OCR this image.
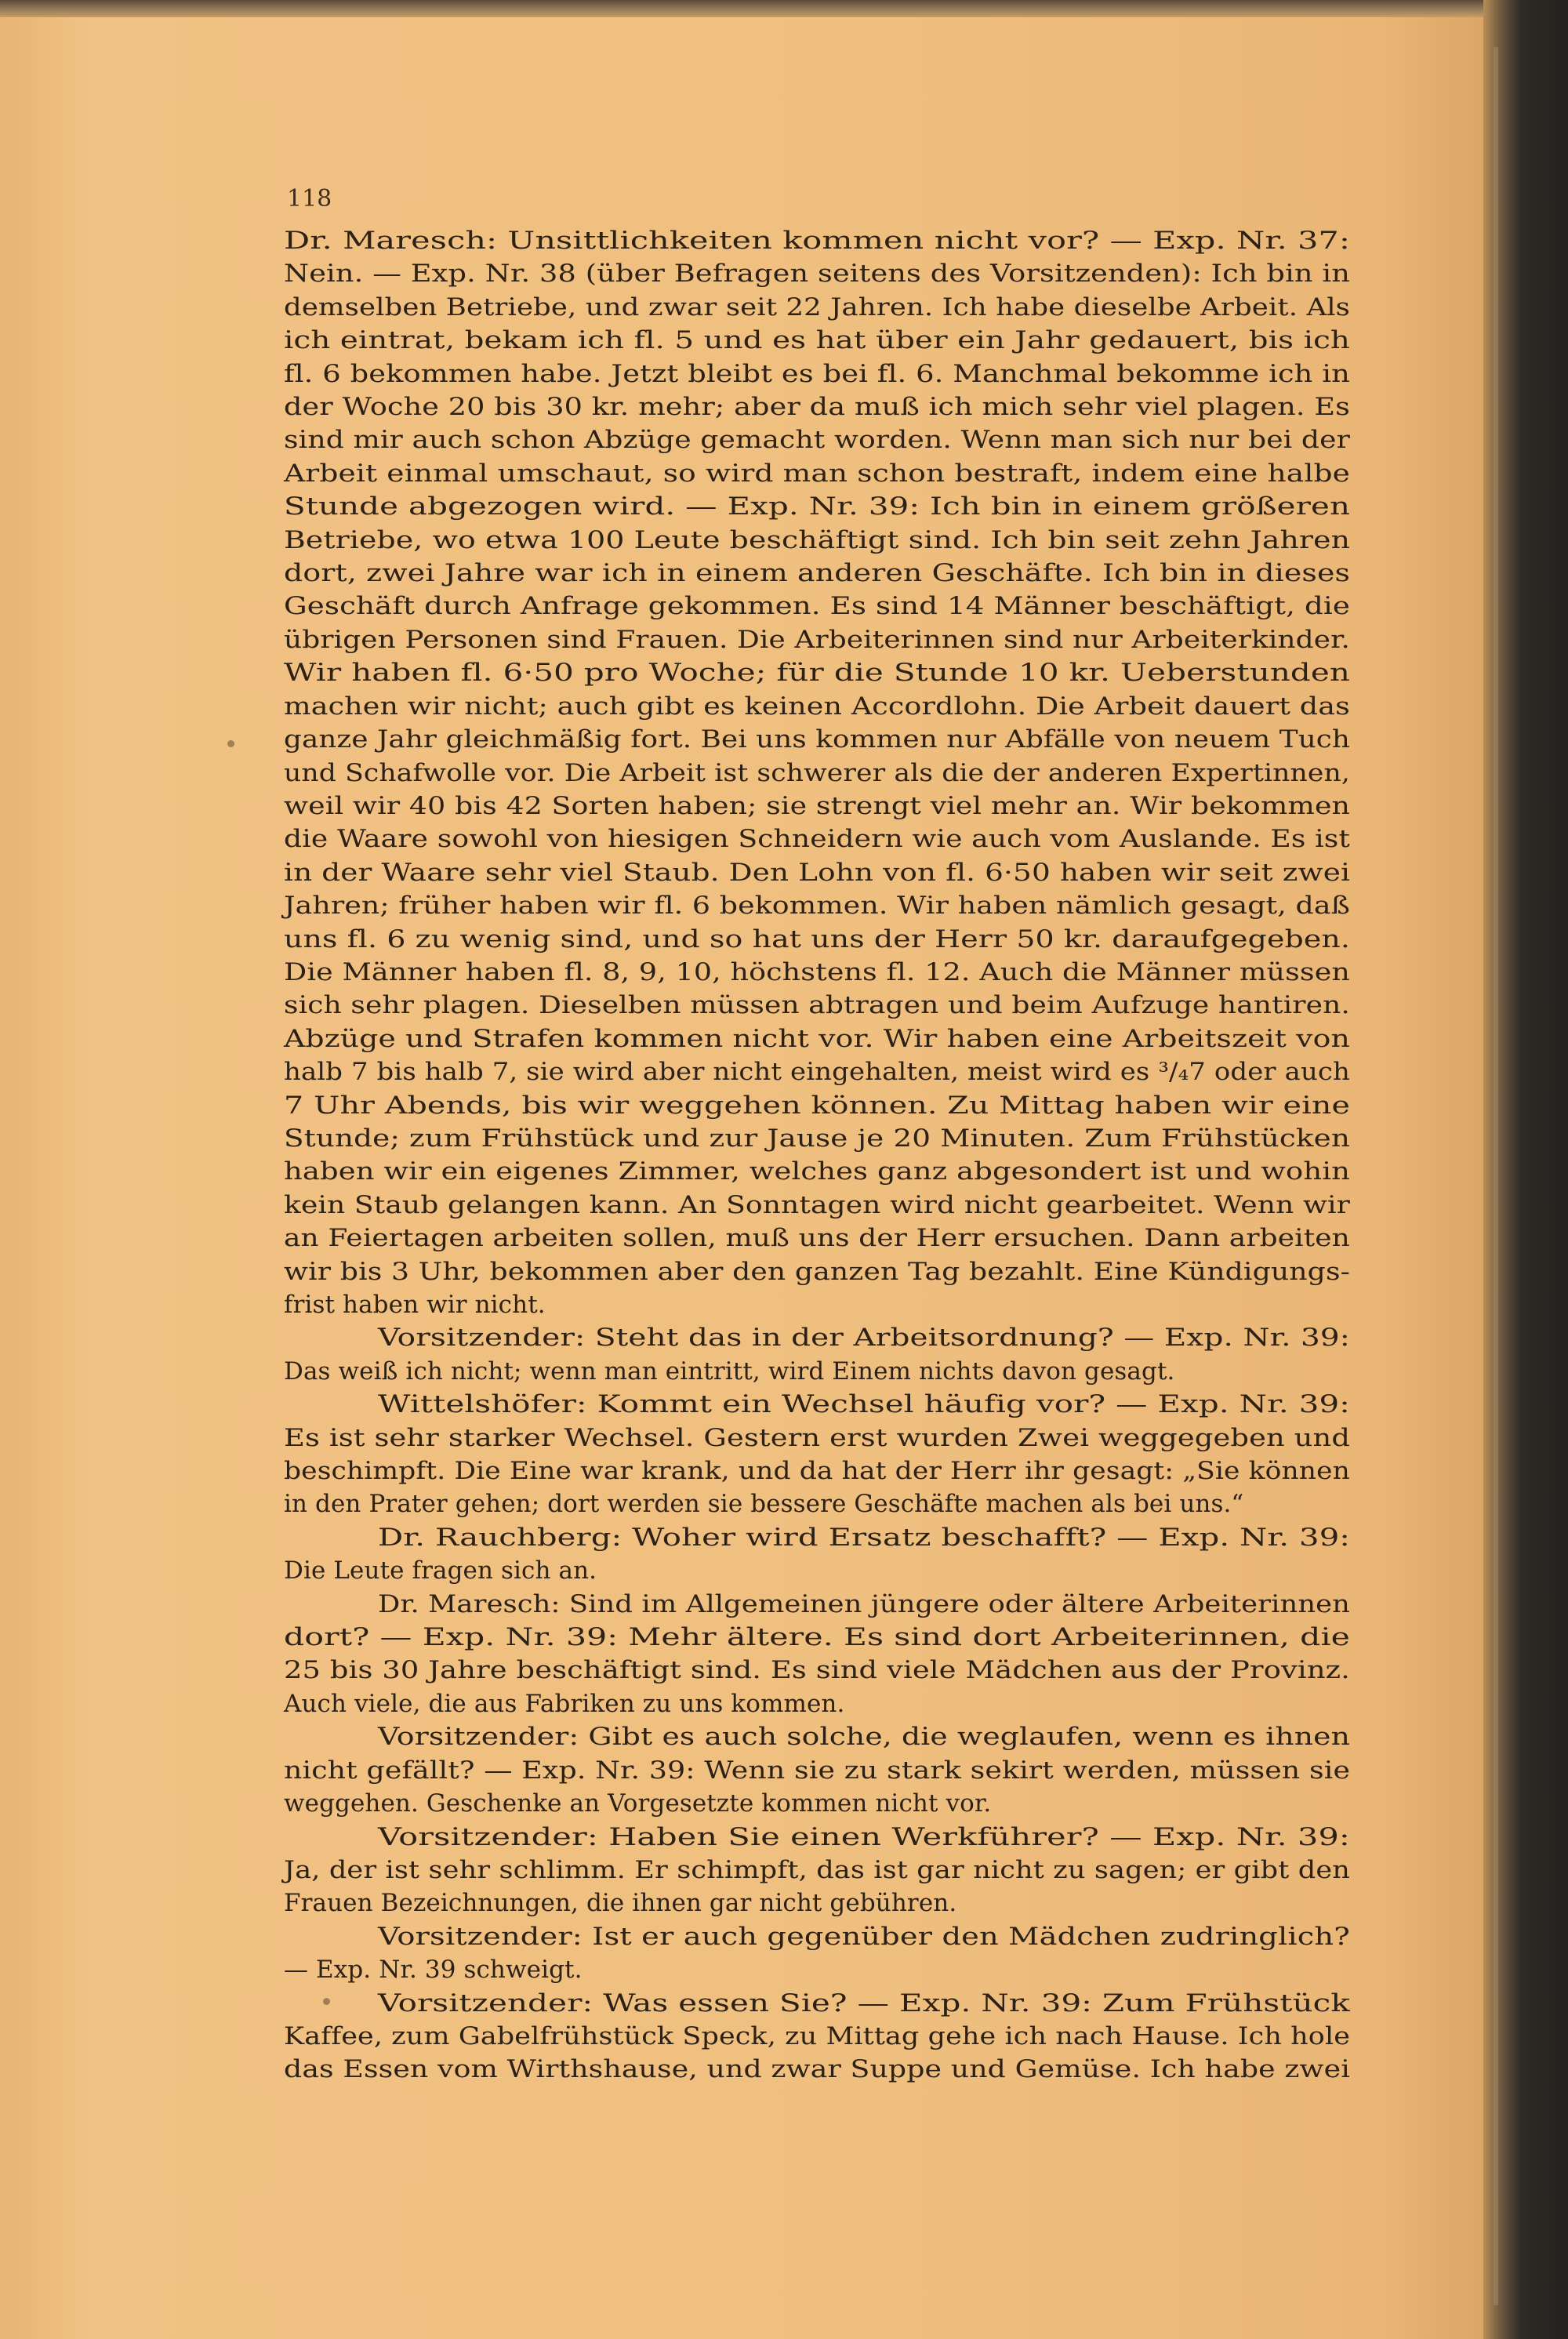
118

Dr. Maresch: Unsittlichkeiten kommen nicht vor? — Exp. Nr. 37:

Nein. — Exp. Nr. 38 (über Befragen seitens des Vorsitzenden): Ich bin in

demselben Betriebe, und zwar seit 22 Jahren. Ich habe dieselbe Arbeit. Als

ich eintrat, bekam ich fl. 5 und es hat über ein Jahr gedauert, bis ich

fl. 6 bekommen habe. Jetzt bleibt es bei fl. 6. Manchmal bekomme ich in

der Woche 20 bis 30 kr. mehr; aber da muß ich mich sehr viel plagen. Es

sind mir auch schon Abzüge gemacht worden. Wenn man sich nur bei der

Arbeit einmal umschaut, so wird man schon bestraft, indem eine halbe

Stunde abgezogen wird. — Exp. Nr. 39: Ich bin in einem größeren

Betriebe, wo etwa 100 Leute beschäftigt sind. Ich bin seit zehn Jahren

dort, zwei Jahre war ich in einem anderen Geschäfte. Ich bin in dieses

Geschäft durch Anfrage gekommen. Es sind 14 Männer beschäftigt, die

übrigen Personen sind Frauen. Die Arbeiterinnen sind nur Arbeiterkinder.

Wir haben fl. 6·50 pro Woche; für die Stunde 10 kr. Ueberstunden

machen wir nicht; auch gibt es keinen Accordlohn. Die Arbeit dauert das

ganze Jahr gleichmäßig fort. Bei uns kommen nur Abfälle von neuem Tuch

und Schafwolle vor. Die Arbeit ist schwerer als die der anderen Expertinnen,

weil wir 40 bis 42 Sorten haben; sie strengt viel mehr an. Wir bekommen

die Waare sowohl von hiesigen Schneidern wie auch vom Auslande. Es ist

in der Waare sehr viel Staub. Den Lohn von fl. 6·50 haben wir seit zwei

Jahren; früher haben wir fl. 6 bekommen. Wir haben nämlich gesagt, daß

uns fl. 6 zu wenig sind, und so hat uns der Herr 50 kr. daraufgegeben.

Die Männer haben fl. 8, 9, 10, höchstens fl. 12. Auch die Männer müssen

sich sehr plagen. Dieselben müssen abtragen und beim Aufzuge hantiren.

Abzüge und Strafen kommen nicht vor. Wir haben eine Arbeitszeit von

halb 7 bis halb 7, sie wird aber nicht eingehalten, meist wird es ³/₄7 oder auch

7 Uhr Abends, bis wir weggehen können. Zu Mittag haben wir eine

Stunde; zum Frühstück und zur Jause je 20 Minuten. Zum Frühstücken

haben wir ein eigenes Zimmer, welches ganz abgesondert ist und wohin

kein Staub gelangen kann. An Sonntagen wird nicht gearbeitet. Wenn wir

an Feiertagen arbeiten sollen, muß uns der Herr ersuchen. Dann arbeiten

wir bis 3 Uhr, bekommen aber den ganzen Tag bezahlt. Eine Kündigungs-

frist haben wir nicht.

Vorsitzender: Steht das in der Arbeitsordnung? — Exp. Nr. 39:

Das weiß ich nicht; wenn man eintritt, wird Einem nichts davon gesagt.

Wittelshöfer: Kommt ein Wechsel häufig vor? — Exp. Nr. 39:

Es ist sehr starker Wechsel. Gestern erst wurden Zwei weggegeben und

beschimpft. Die Eine war krank, und da hat der Herr ihr gesagt: „Sie können

in den Prater gehen; dort werden sie bessere Geschäfte machen als bei uns.“

Dr. Rauchberg: Woher wird Ersatz beschafft? — Exp. Nr. 39:

Die Leute fragen sich an.

Dr. Maresch: Sind im Allgemeinen jüngere oder ältere Arbeiterinnen

dort? — Exp. Nr. 39: Mehr ältere. Es sind dort Arbeiterinnen, die

25 bis 30 Jahre beschäftigt sind. Es sind viele Mädchen aus der Provinz.

Auch viele, die aus Fabriken zu uns kommen.

Vorsitzender: Gibt es auch solche, die weglaufen, wenn es ihnen

nicht gefällt? — Exp. Nr. 39: Wenn sie zu stark sekirt werden, müssen sie

weggehen. Geschenke an Vorgesetzte kommen nicht vor.

Vorsitzender: Haben Sie einen Werkführer? — Exp. Nr. 39:

Ja, der ist sehr schlimm. Er schimpft, das ist gar nicht zu sagen; er gibt den

Frauen Bezeichnungen, die ihnen gar nicht gebühren.

Vorsitzender: Ist er auch gegenüber den Mädchen zudringlich?

— Exp. Nr. 39 schweigt.

Vorsitzender: Was essen Sie? — Exp. Nr. 39: Zum Frühstück

Kaffee, zum Gabelfrühstück Speck, zu Mittag gehe ich nach Hause. Ich hole

das Essen vom Wirthshause, und zwar Suppe und Gemüse. Ich habe zwei
